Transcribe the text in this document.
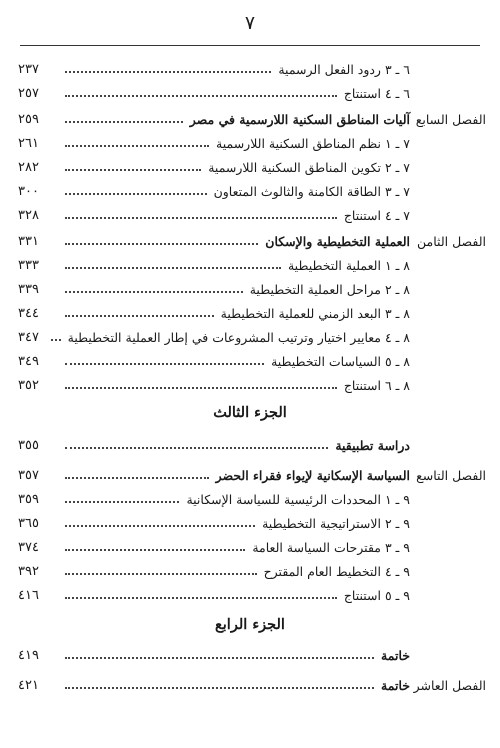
٧
٦ ـ ٣ ردود الفعل الرسمية
٢٣٧
٦ ـ ٤ استنتاج
٢٥٧
الفصل السابع
آليات المناطق السكنية اللارسمية في مصر
٢٥٩
٧ ـ ١ نظم المناطق السكنية اللارسمية
٢٦١
٧ ـ ٢ تكوين المناطق السكنية اللارسمية
٢٨٢
٧ ـ ٣ الطاقة الكامنة والثالوث المتعاون
٣٠٠
٧ ـ ٤ استنتاج
٣٢٨
الفصل الثامن
العملية التخطيطية والإسكان
٣٣١
٨ ـ ١ العملية التخطيطية
٣٣٣
٨ ـ ٢ مراحل العملية التخطيطية
٣٣٩
٨ ـ ٣ البعد الزمني للعملية التخطيطية
٣٤٤
٨ ـ ٤ معايير اختيار وترتيب المشروعات في إطار العملية التخطيطية
٣٤٧
٨ ـ ٥ السياسات التخطيطية
٣٤٩
٨ ـ ٦ استنتاج
٣٥٢
دراسة تطبيقية
٣٥٥
الفصل التاسع
السياسة الإسكانية لإيواء فقراء الحضر
٣٥٧
٩ ـ ١ المحددات الرئيسية للسياسة الإسكانية
٣٥٩
٩ ـ ٢ الاستراتيجية التخطيطية
٣٦٥
٩ ـ ٣ مقترحات السياسة العامة
٣٧٤
٩ ـ ٤ التخطيط العام المقترح
٣٩٢
٩ ـ ٥ استنتاج
٤١٦
خاتمة
٤١٩
الفصل العاشر
خاتمة
٤٢١
الجزء الثالث
الجزء الرابع
